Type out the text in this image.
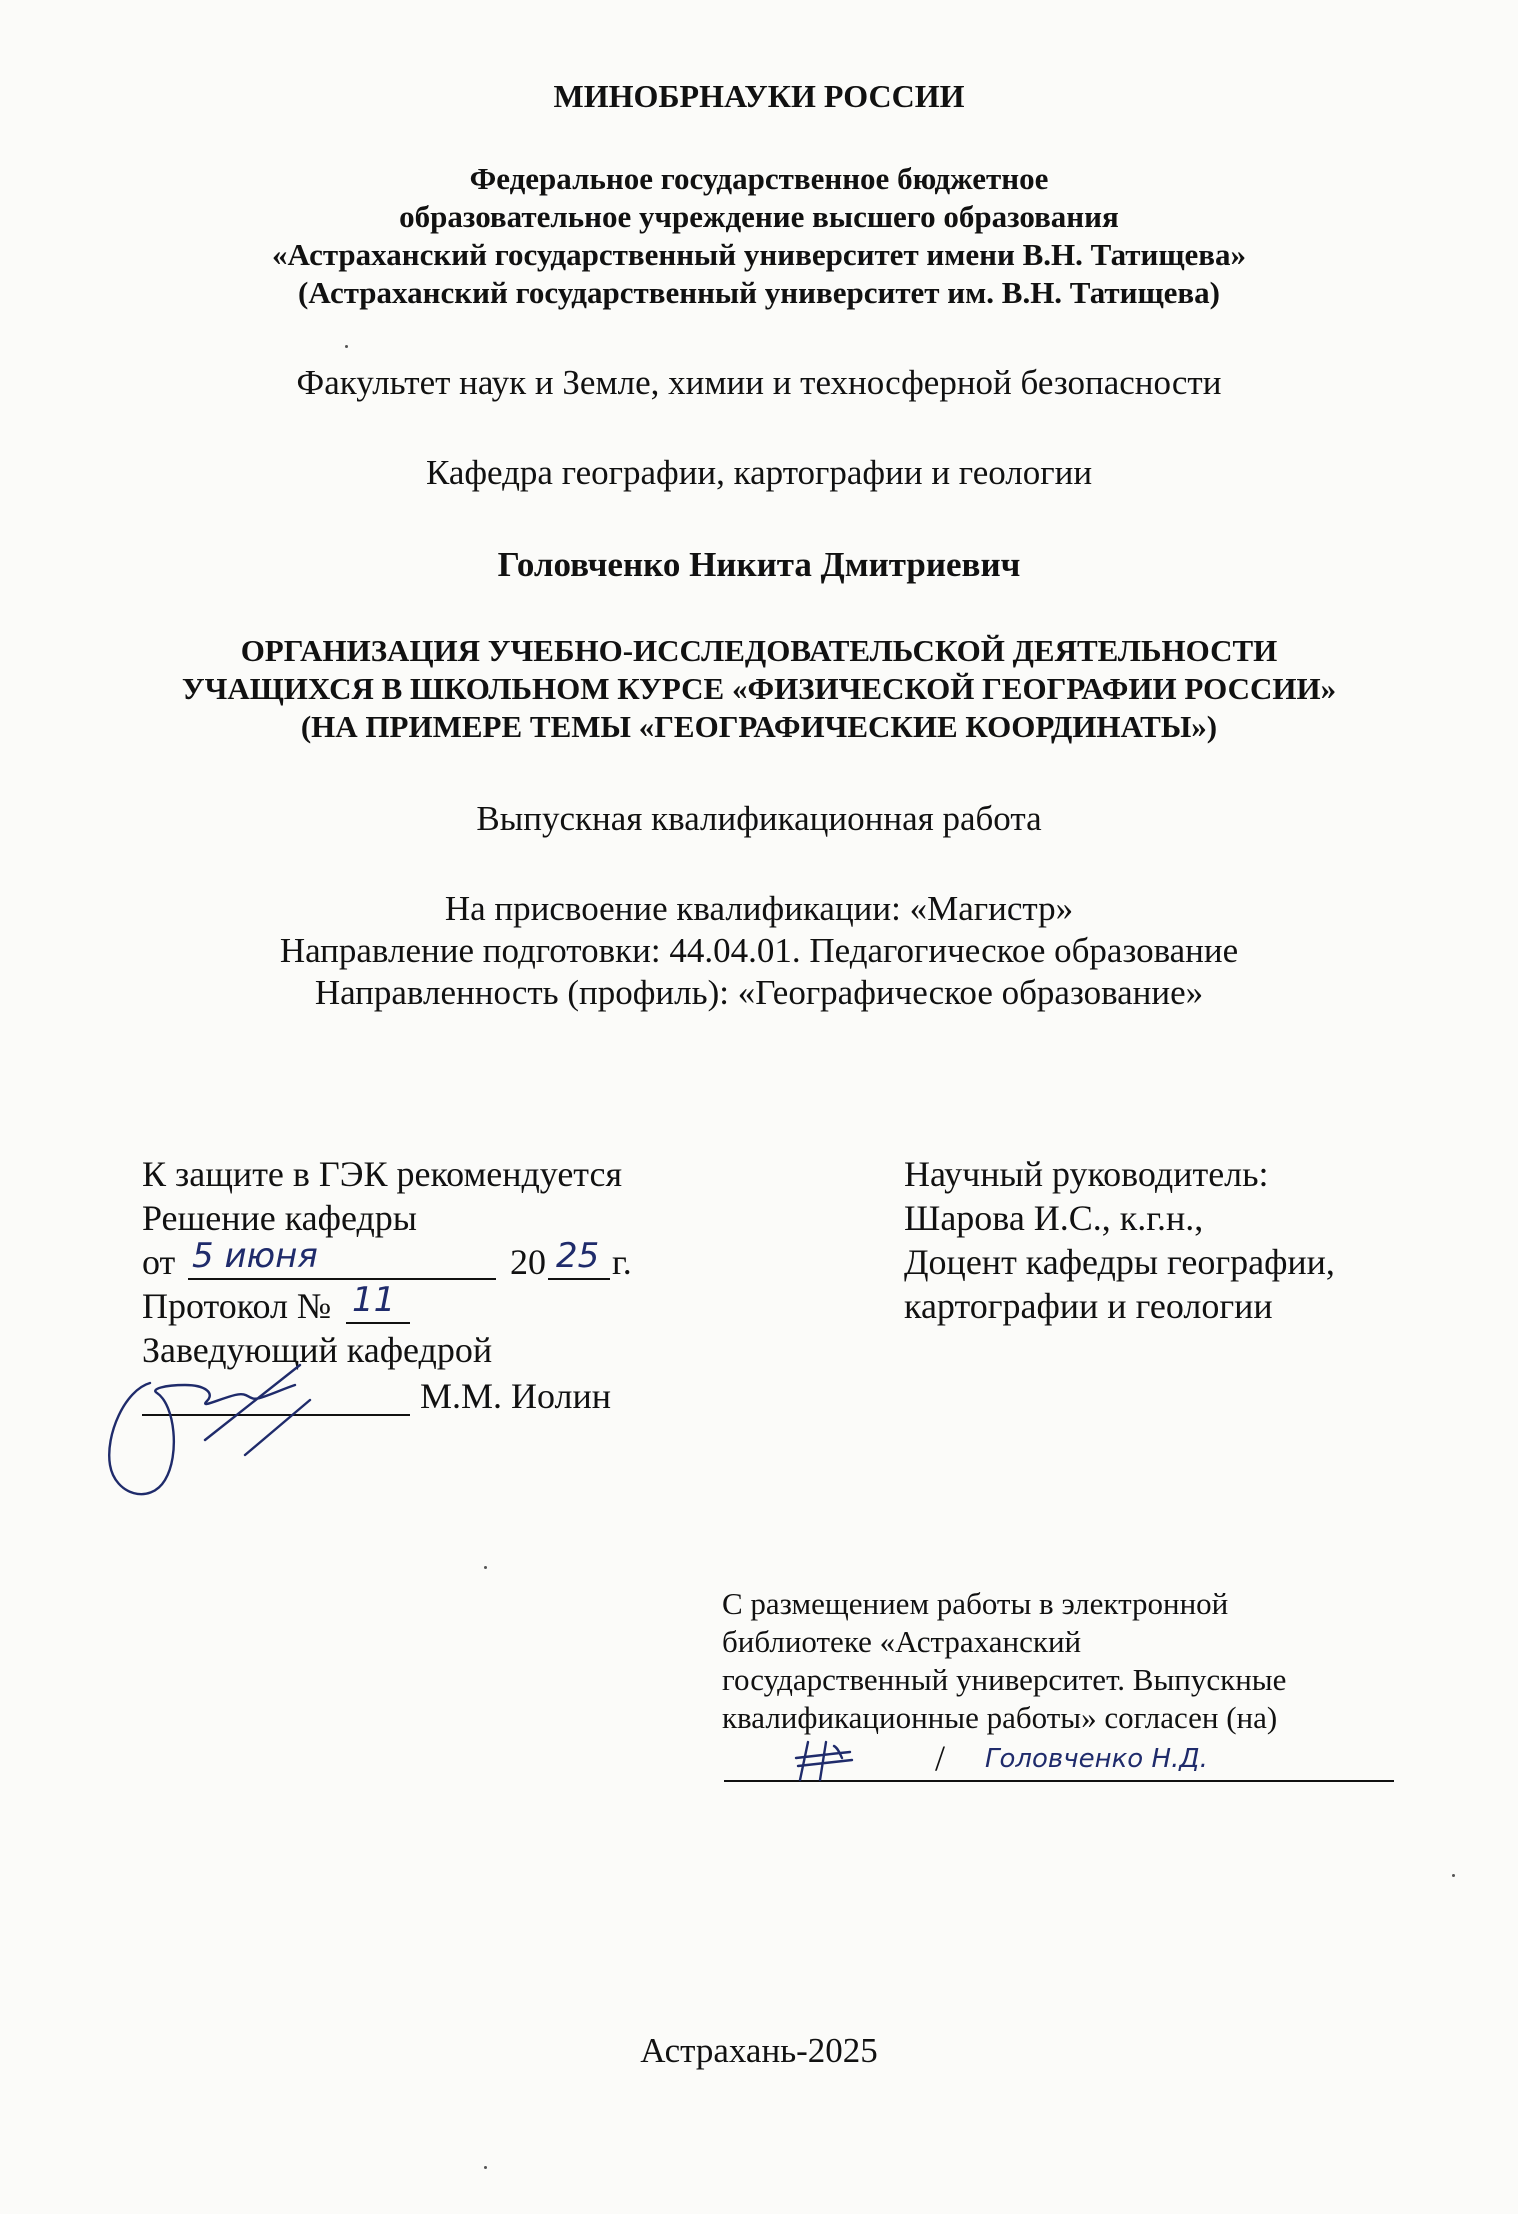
МИНОБРНАУКИ РОССИИ
Федеральное государственное бюджетное
образовательное учреждение высшего образования
«Астраханский государственный университет имени В.Н. Татищева»
(Астраханский государственный университет им. В.Н. Татищева)
Факультет наук и Земле, химии и техносферной безопасности
Кафедра географии, картографии и геологии
Головченко Никита Дмитриевич
ОРГАНИЗАЦИЯ УЧЕБНО-ИССЛЕДОВАТЕЛЬСКОЙ ДЕЯТЕЛЬНОСТИ
УЧАЩИХСЯ В ШКОЛЬНОМ КУРСЕ «ФИЗИЧЕСКОЙ ГЕОГРАФИИ РОССИИ»
(НА ПРИМЕРЕ ТЕМЫ «ГЕОГРАФИЧЕСКИЕ КООРДИНАТЫ»)
Выпускная квалификационная работа
На присвоение квалификации: «Магистр»
Направление подготовки: 44.04.01. Педагогическое образование
Направленность (профиль): «Географическое образование»
К защите в ГЭК рекомендуется
Решение кафедры
от 5 июня	20 25 г.
Протокол № 11
Заведующий кафедрой
М.М. Иолин
Научный руководитель:
Шарова И.С., к.г.н.,
Доцент кафедры географии,
картографии и геологии
С размещением работы в электронной
библиотеке «Астраханский
государственный университет. Выпускные
квалификационные работы» согласен (на)
/ Головченко Н.Д.
Астрахань-2025
